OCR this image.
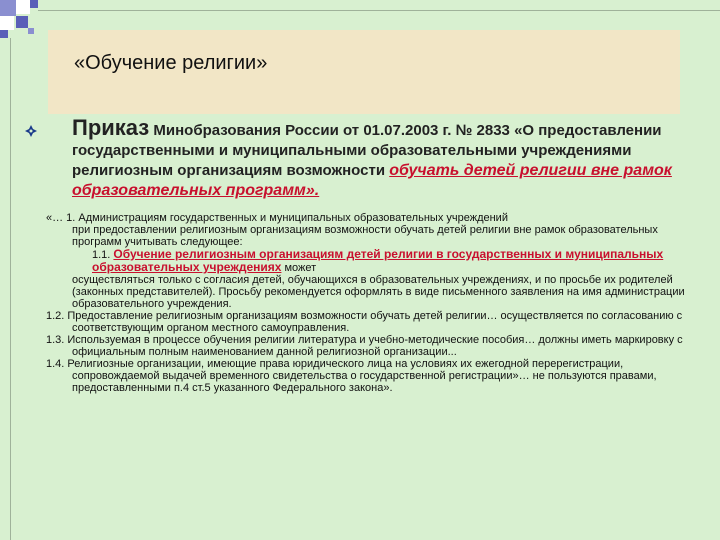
«Обучение религии»
Приказ Минобразования России от 01.07.2003 г. № 2833 «О предоставлении государственными и муниципальными образовательными учреждениями религиозным организациям возможности обучать детей религии вне рамок образовательных программ».

«… 1. Администрациям государственных и муниципальных образовательных учреждений

при предоставлении религиозным организациям возможности обучать детей религии вне рамок образовательных программ учитывать следующее:

1.1. Обучение религиозным организациям детей религии в государственных и муниципальных образовательных учреждениях может

осуществляться только с согласия детей, обучающихся в образовательных учреждениях, и по просьбе их родителей (законных представителей). Просьбу рекомендуется оформлять в виде письменного заявления на имя администрации образовательного учреждения.

1.2. Предоставление религиозным организациям возможности обучать детей религии… осуществляется по согласованию с соответствующим органом местного самоуправления.

1.3. Используемая в процессе обучения религии литература и учебно-методические пособия… должны иметь маркировку с официальным полным наименованием данной религиозной организации...

1.4. Религиозные организации, имеющие права юридического лица на условиях их ежегодной перерегистрации, сопровождаемой выдачей временного свидетельства о государственной регистрации»… не пользуются правами, предоставленными п.4 ст.5 указанного Федерального закона».
